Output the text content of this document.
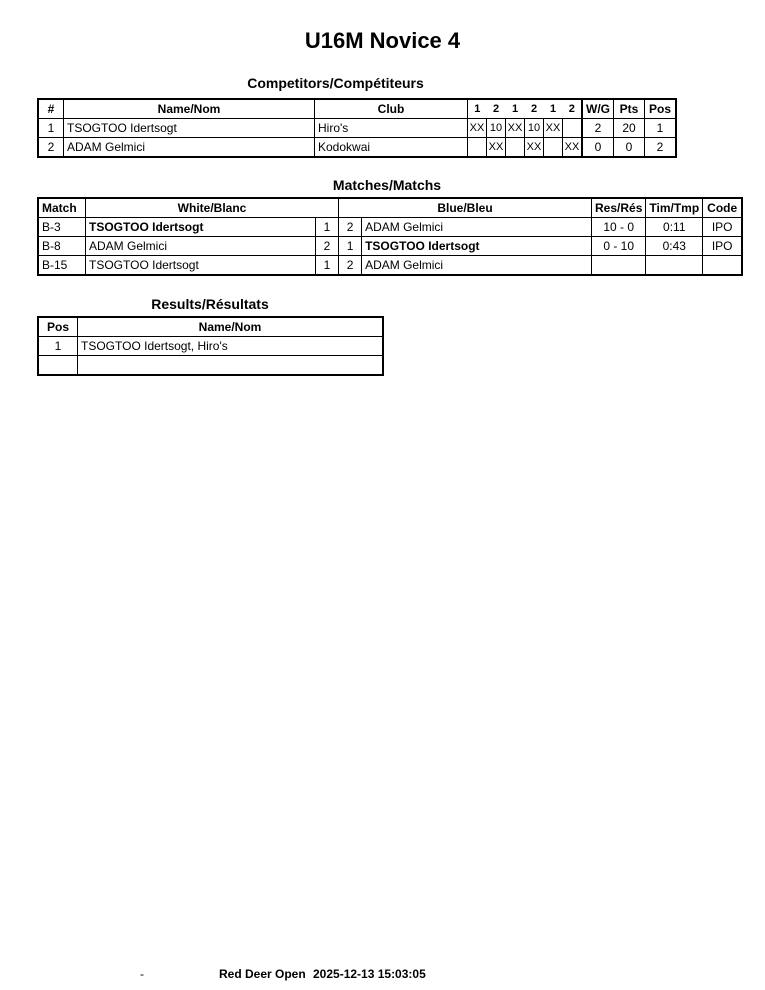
U16M Novice 4
Competitors/Compétiteurs
#	Name/Nom	Club	1	2	1	2	1	2	W/G	Pts	Pos
1	TSOGTOO Idertsogt	Hiro's	XX	10	XX	10	XX		2	20	1
2	ADAM Gelmici	Kodokwai		XX		XX		XX	0	0	2
Matches/Matchs
Match	White/Blanc		Blue/Bleu		Res/Rés	Tim/Tmp	Code
B-3	TSOGTOO Idertsogt	1	2	ADAM Gelmici	10 - 0	0:11	IPO
B-8	ADAM Gelmici	2	1	TSOGTOO Idertsogt	0 - 10	0:43	IPO
B-15	TSOGTOO Idertsogt	1	2	ADAM Gelmici			
Results/Résultats
Pos	Name/Nom
1	TSOGTOO Idertsogt, Hiro's

-	Red Deer Open 2025-12-13 15:03:05
